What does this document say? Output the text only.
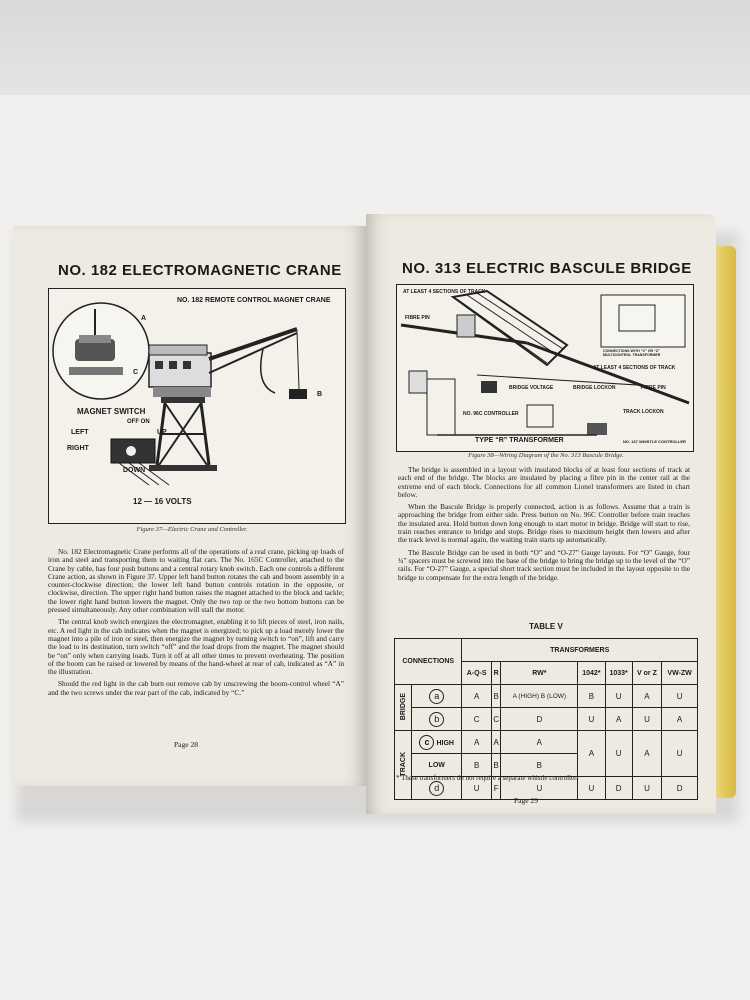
NO. 182 ELECTROMAGNETIC CRANE
NO. 182 REMOTE CONTROL MAGNET CRANE
A
B
C
MAGNET SWITCH
OFF ON
LEFT
RIGHT
UP
DOWN
12 — 16 VOLTS
Figure 37—Electric Crane and Controller.

No. 182 Electromagnetic Crane performs all of the operations of a real crane, picking up loads of iron and steel and transporting them to waiting flat cars. The No. 165C Controller, attached to the Crane by cable, has four push buttons and a central rotary knob switch. Each one controls a different Crane action, as shown in Figure 37. Upper left hand button rotates the cab and boom assembly in a counter-clockwise direction; the lower left hand button controls rotation in the opposite, or clockwise, direction. The upper right hand button raises the magnet attached to the block and tackle; the lower right hand button lowers the magnet. Only the two top or the two bottom buttons can be pressed simultaneously. Any other combination will stall the motor.

The central knob switch energizes the electromagnet, enabling it to lift pieces of steel, iron nails, etc. A red light in the cab indicates when the magnet is energized; to pick up a load merely lower the magnet into a pile of iron or steel, then energize the magnet by turning switch to “on”, lift and carry the load to its destination, turn switch “off” and the load drops from the magnet. The magnet should be “on” only when carrying loads. Turn it off at all other times to prevent overheating. The position of the boom can be raised or lowered by means of the hand-wheel at rear of cab, indicated as “A” in the illustration.

Should the red light in the cab burn out remove cab by unscrewing the boom-control wheel “A” and the two screws under the rear part of the cab, indicated by “C.”

Page 28
NO. 313 ELECTRIC BASCULE BRIDGE
AT LEAST 4 SECTIONS OF TRACK
FIBRE PIN
BRIDGE VOLTAGE	BRIDGE LOCKON
AT LEAST 4 SECTIONS OF TRACK
FIBRE PIN
NO. 96C CONTROLLER	TRACK LOCKON
TYPE “R” TRANSFORMER	NO. 167 WHISTLE CONTROLLER
CONNECTIONS WITH “V” OR “Z” MULTICONTROL TRANSFORMER
Figure 38—Wiring Diagram of the No. 313 Bascule Bridge.

The bridge is assembled in a layout with insulated blocks of at least four sections of track at each end of the bridge. The blocks are insulated by placing a fibre pin in the center rail at the extreme end of each block. Connections for all common Lionel transformers are listed in chart below.

When the Bascule Bridge is properly connected, action is as follows. Assume that a train is approaching the bridge from either side. Press button on No. 96C Controller before train reaches the insulated area. Hold button down long enough to start motor in bridge. Bridge will start to rise, train reaches entrance to bridge and stops. Bridge rises to maximum height then lowers and after the track level is normal again, the waiting train starts up automatically.

The Bascule Bridge can be used in both “O” and “O-27” Gauge layouts. For “O” Gauge, four ¾” spacers must be screwed into the base of the bridge to bring the bridge up to the level of the “O” rails. For “O-27” Gauge, a special short track section must be included in the layout opposite to the bridge to compensate for the extra length of the bridge.

TABLE V
CONNECTIONS		TRANSFORMERS						
		A-Q-S	R	RW*	1042*	1033*	V or Z	VW-ZW
BRIDGE	a	A	B	A (HIGH) B (LOW)	B	U	A	U
	b	C	C	D	U	A	U	A
TRACK	c HIGH	A	A	A	A	U	A	U
	LOW	B	B	B				
	d	U	F	U	U	D	U	D
* These transformers do not require a separate whistle controller.
Page 29
